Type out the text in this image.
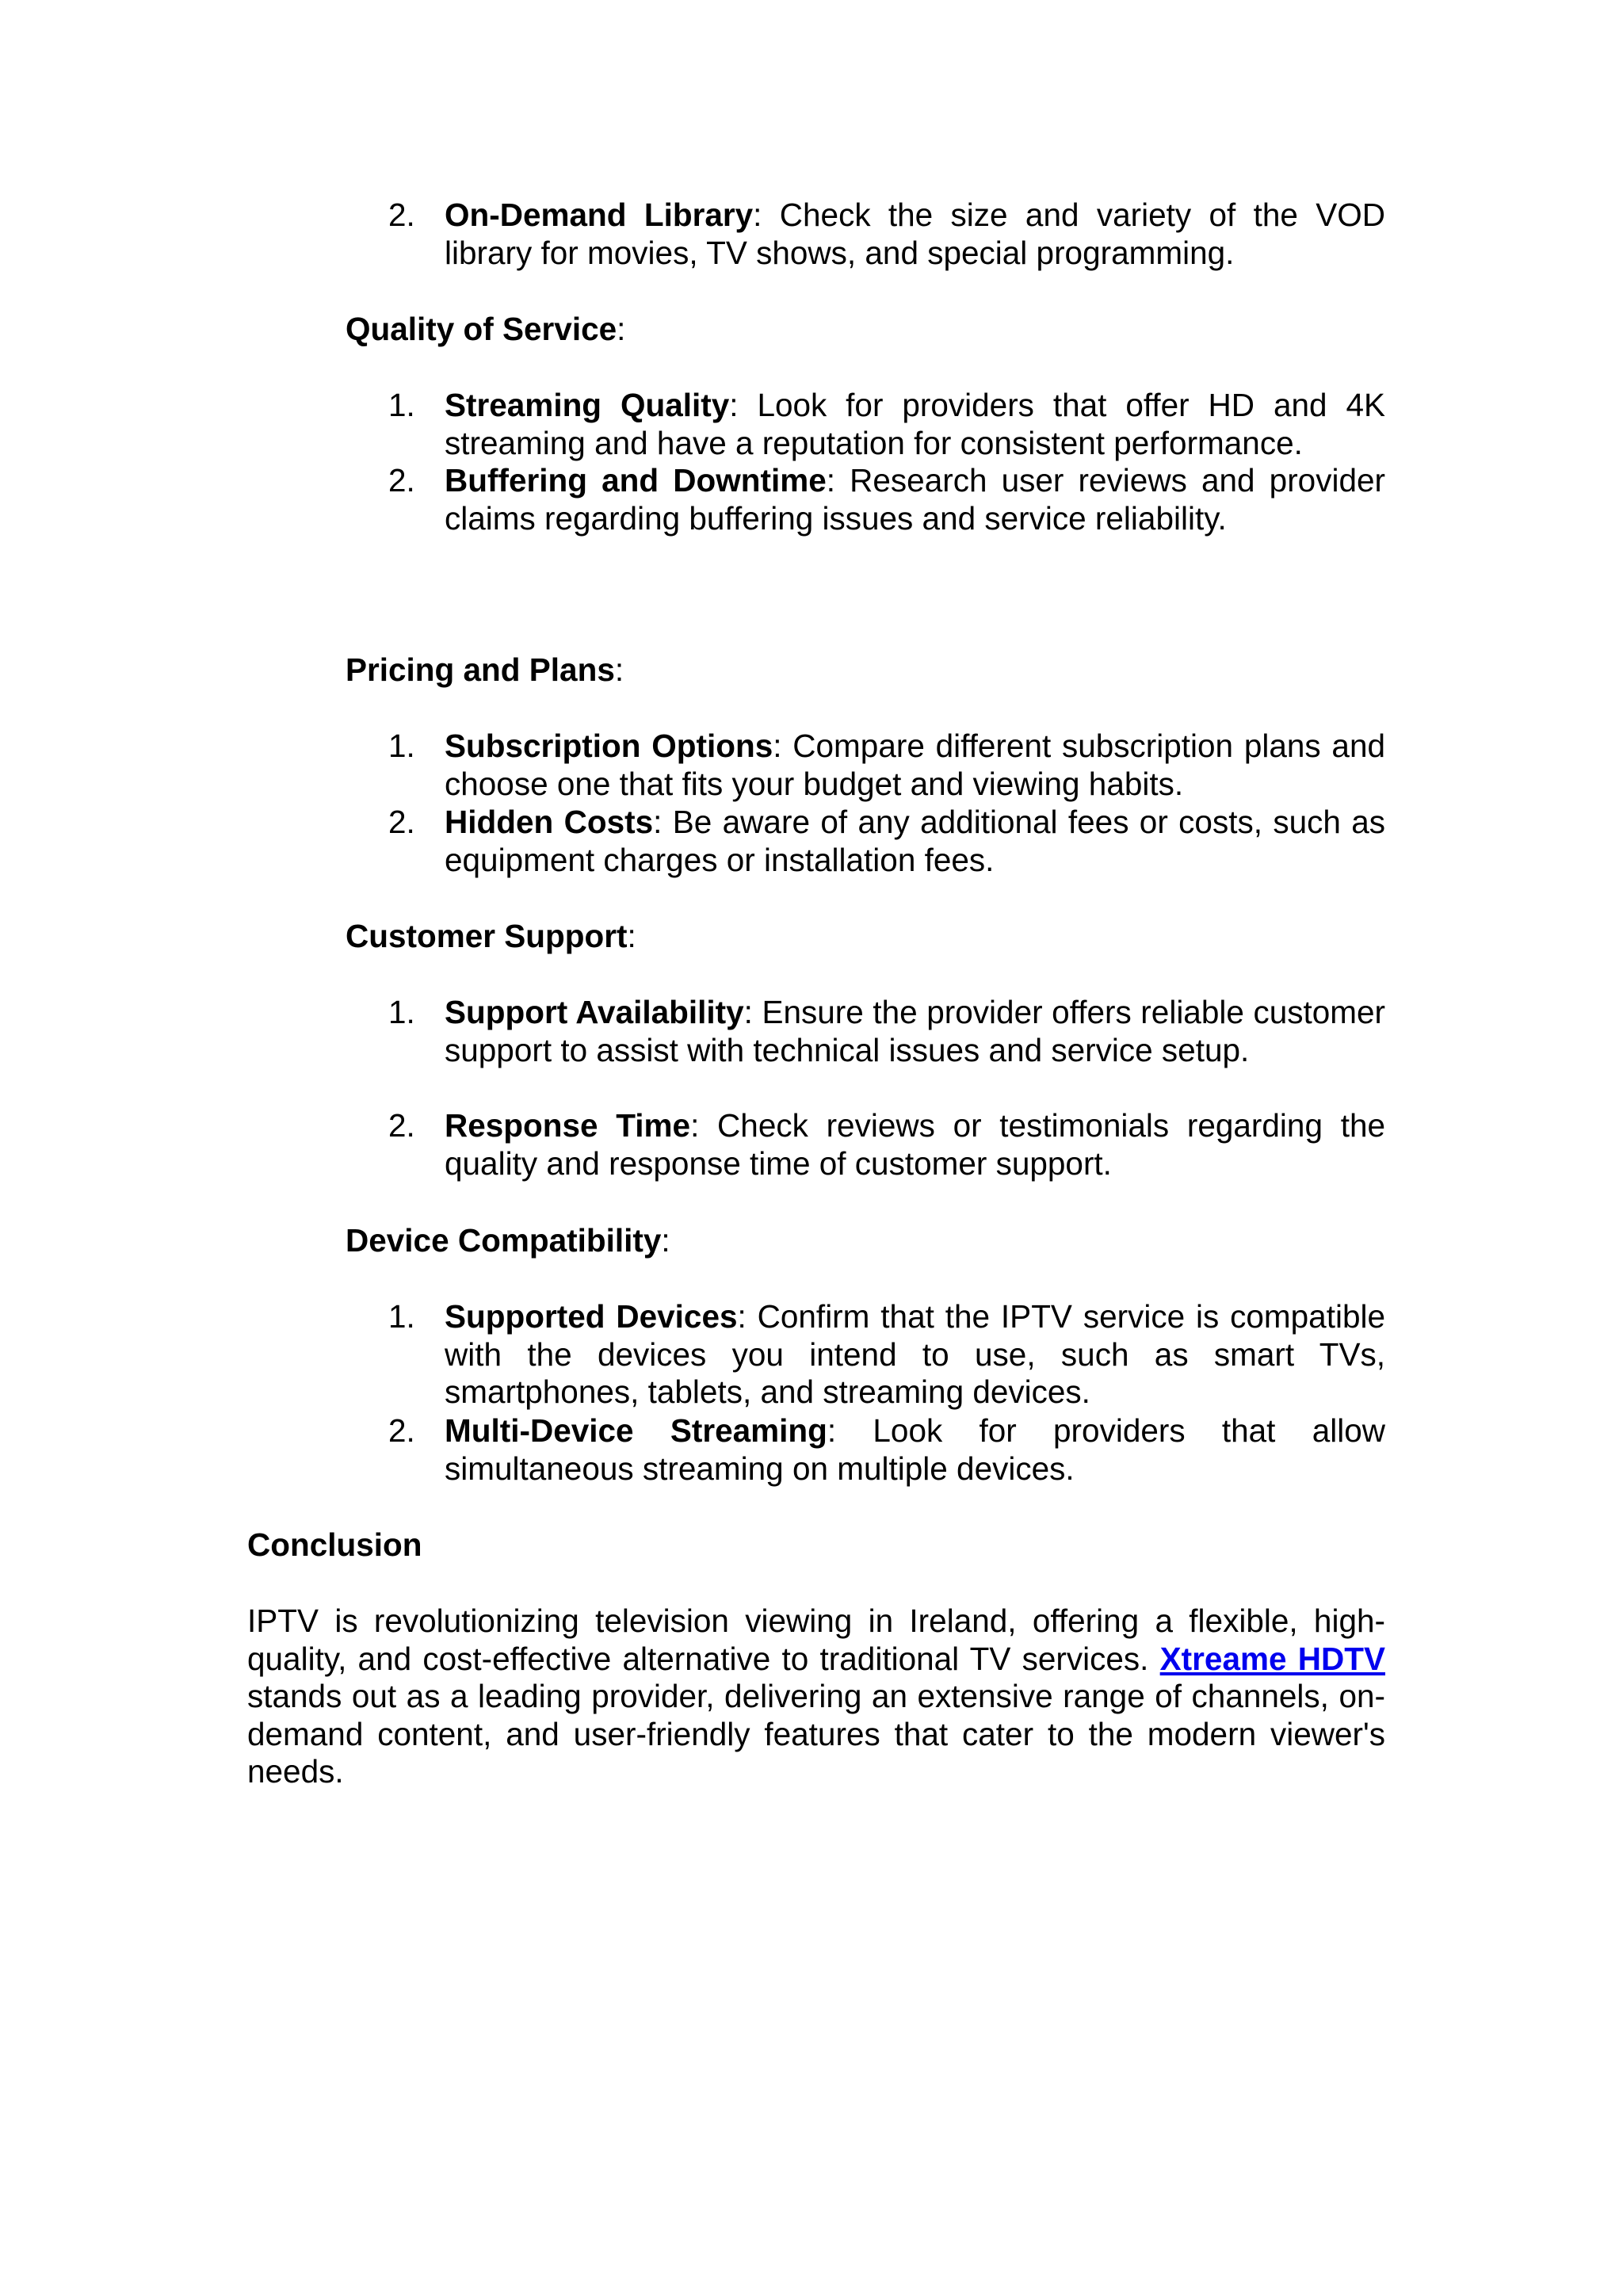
2. On-Demand Library: Check the size and variety of the VOD library for movies, TV shows, and special programming.
Quality of Service:
1. Streaming Quality: Look for providers that offer HD and 4K streaming and have a reputation for consistent performance.
2. Buffering and Downtime: Research user reviews and provider claims regarding buffering issues and service reliability.
Pricing and Plans:
1. Subscription Options: Compare different subscription plans and choose one that fits your budget and viewing habits.
2. Hidden Costs: Be aware of any additional fees or costs, such as equipment charges or installation fees.
Customer Support:
1. Support Availability: Ensure the provider offers reliable customer support to assist with technical issues and service setup.
2. Response Time: Check reviews or testimonials regarding the quality and response time of customer support.
Device Compatibility:
1. Supported Devices: Confirm that the IPTV service is compatible with the devices you intend to use, such as smart TVs, smartphones, tablets, and streaming devices.
2. Multi-Device Streaming: Look for providers that allow simultaneous streaming on multiple devices.
Conclusion
IPTV is revolutionizing television viewing in Ireland, offering a flexible, high-quality, and cost-effective alternative to traditional TV services. Xtreame HDTV stands out as a leading provider, delivering an extensive range of channels, on-demand content, and user-friendly features that cater to the modern viewer's needs.
